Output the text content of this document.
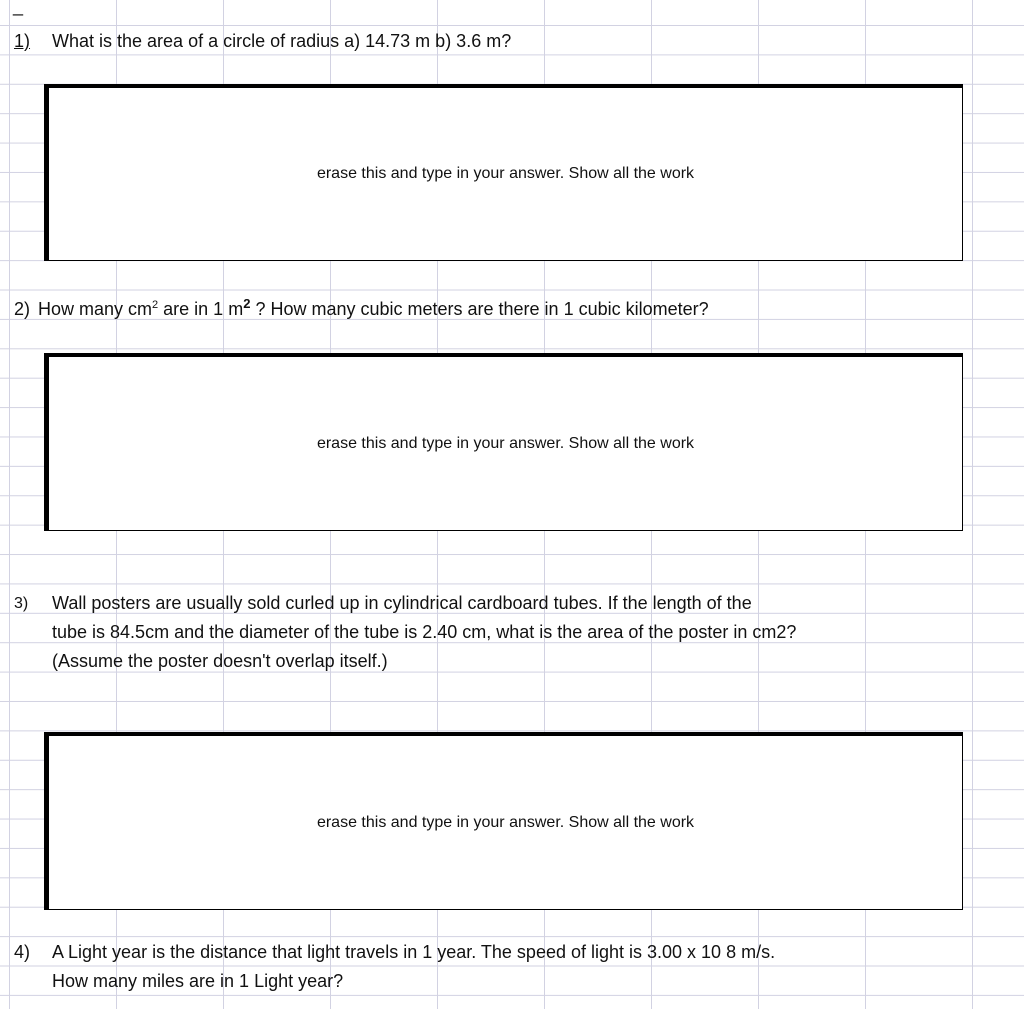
_
1) What is the area of a circle of radius a) 14.73 m b) 3.6 m?
erase this and type in your answer. Show all the work
2) How many $cm^2$ are in 1 $m^2$ ? How many cubic meters are there in 1 cubic kilometer?
erase this and type in your answer. Show all the work
3) Wall posters are usually sold curled up in cylindrical cardboard tubes. If the length of the
tube is 84.5cm and the diameter of the tube is 2.40 cm, what is the area of the poster in cm2?
(Assume the poster doesn't overlap itself.)
erase this and type in your answer. Show all the work
4) A Light year is the distance that light travels in 1 year. The speed of light is 3.00 x 10 8 m/s.
How many miles are in 1 Light year?
